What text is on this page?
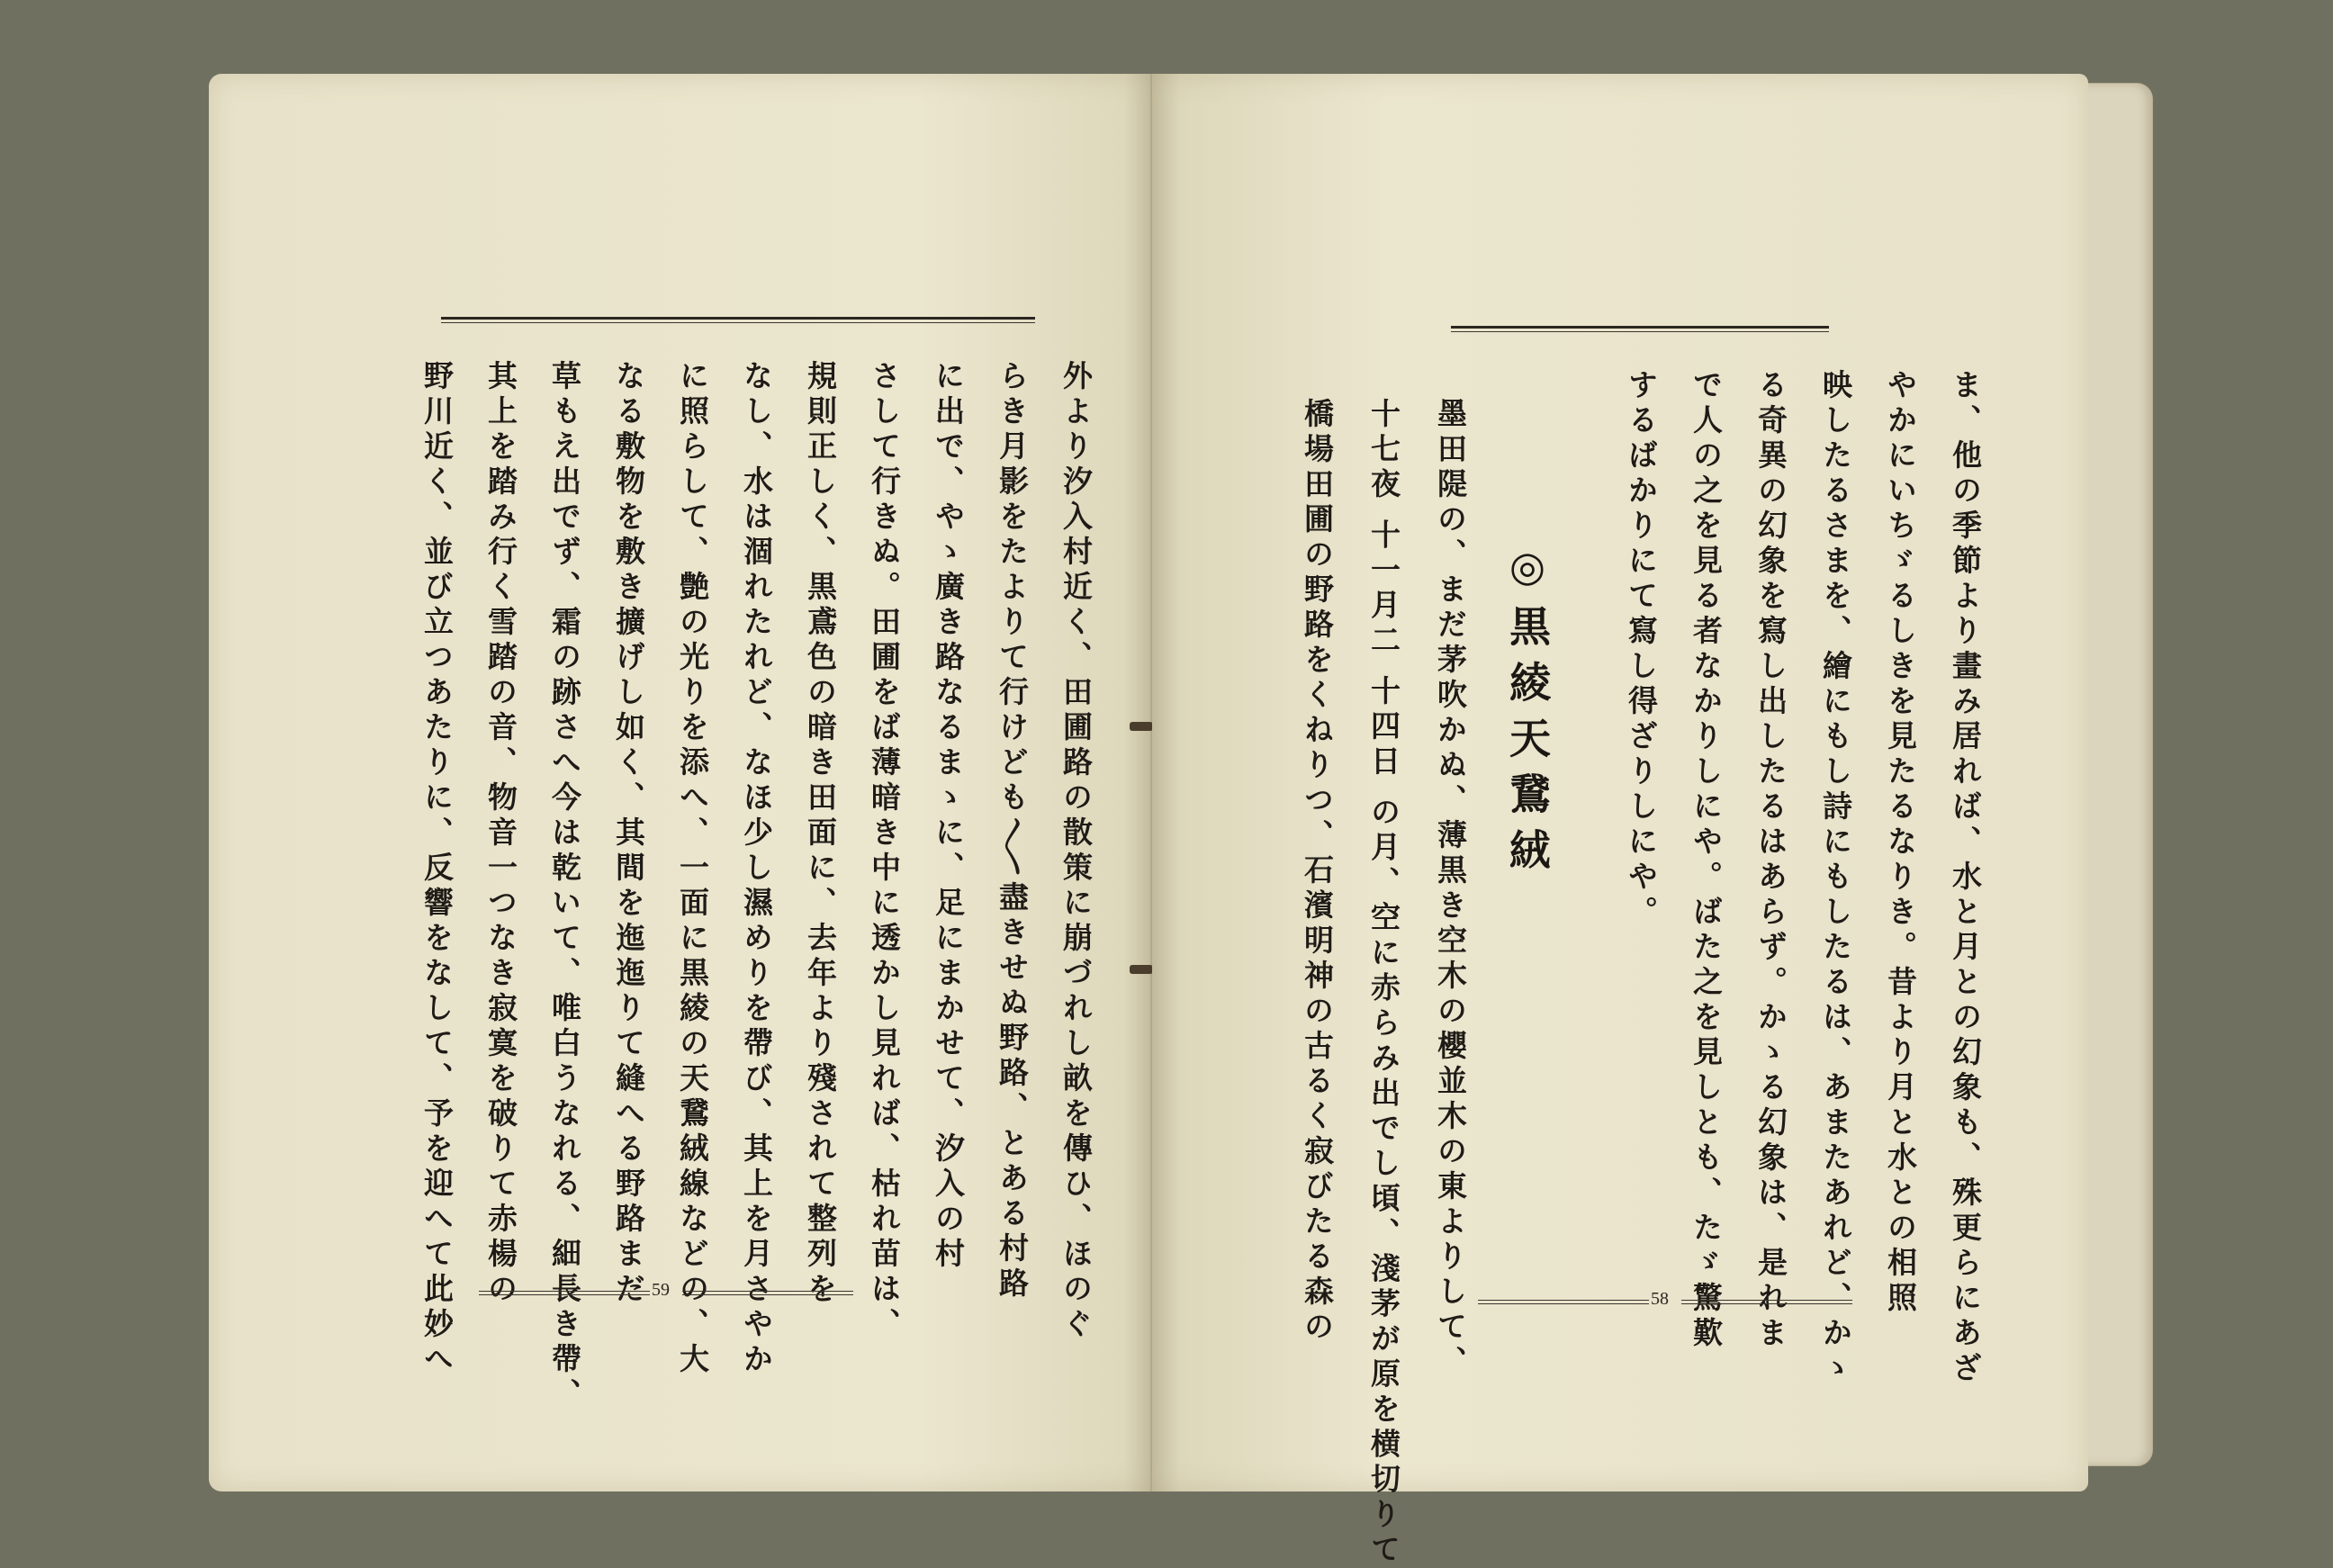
外より汐入村近く、田圃路の散策に崩づれし畝を傳ひ、ほのぐ
らき月影をたよりて行けども〳〵盡きせぬ野路、とある村路
に出で、やゝ廣き路なるまゝに、足にまかせて、汐入の村
さして行きぬ。田圃をば薄暗き中に透かし見れば、枯れ苗は、
規則正しく、黒鳶色の暗き田面に、去年より殘されて整列を
なし、水は涸れたれど、なほ少し濕めりを帶び、其上を月さやか
に照らして、艶の光りを添へ、一面に黒綾の天鵞絨線などの、大
なる敷物を敷き擴げし如く、其間を迤迤りて縫へる野路まだ
草もえ出でず、霜の跡さへ今は乾いて、唯白うなれる、細長き帶、
其上を踏み行く雪踏の音、物音一つなき寂寞を破りて赤楊の
野川近く、並び立つあたりに、反響をなして、予を迎へて此妙へ	59	ま、他の季節より畫み居れば、水と月との幻象も、殊更らにあざ
やかにいちゞるしきを見たるなりき。昔より月と水との相照
映したるさまを、繪にもし詩にもしたるは、あまたあれど、かゝ
る奇異の幻象を寫し出したるはあらず。かゝる幻象は、是れま
で人の之を見る者なかりしにや。ばた之を見しとも、たゞ驚歎
するばかりにて寫し得ざりしにや。
◎黒綾天鵞絨
墨田隄の、まだ茅吹かぬ、薄黒き空木の櫻並木の東よりして、
十七夜 十一月二 十四日 の月、空に赤らみ出でし頃、淺茅が原を横切りて
橋場田圃の野路をくねりつ、石濱明神の古るく寂びたる森の	58
